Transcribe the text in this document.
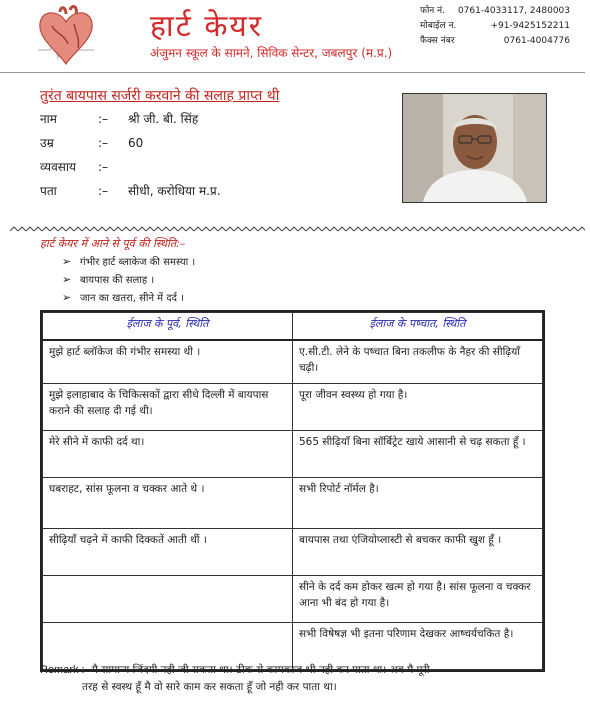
हार्ट केयर
अंजुमन स्कूल के सामने, सिविक सेन्टर, जबलपुर (म.प्र.)
फोन नं. 0761-4033117, 2480003
मोबाईल न.	+91-9425152211
फैक्स नंबर	0761-4004776
तुरंत बायपास सर्जरी करवाने की सलाह प्राप्त थी
नाम	:– श्री जी. बी. सिंह
उम्र	:– 60
व्यवसाय :–
पता	:– सीधी, करोधिया म.प्र.
हार्ट केयर में आने से पूर्व की स्थिति:–
➢ गंभीर हार्ट ब्लाकेज की समस्या ।
➢ बायपास की सलाह ।
➢ जान का खतरा, सीने में दर्द ।
ईलाज के पूर्व, स्थिति	ईलाज के पष्चात, स्थिति
मुझे हार्ट ब्लॉकेज की गंभीर समस्या थी ।	ए.सी.टी. लेने के पष्चात बिना तकलीफ के नैहर की सीढ़ियॉं चढ़ी।
मुझे इलाहाबाद के चिकित्सकों द्वारा सीधे दिल्ली में बायपास कराने की सलाह दी गई थी।	पूरा जीवन स्वस्थ्य हो गया है।
मेरे सीने में काफी दर्द था।	565 सीढ़ियॉं बिना सॉर्बिट्रेट खाये आसानी से चढ़ सकता हूँ ।
घबराहट, सांस फूलना व चक्कर आते थे ।	सभी रिपोर्ट नॉर्मल है।
सीढ़ियॉं चढ़ने में काफी दिक्कतें आती थीं ।	बायपास तथा एंजियोप्लास्टी से बचकर काफी खुश हूँ ।
	सीने के दर्द कम होकर खत्म हो गया है। सांस फूलना व चक्कर आना भी बंद हो गया है।
	सभी विषेषज्ञ भी इतना परिणाम देखकर आष्चर्यचकित है।
Remark :- मै सामान्य जिंदगी नही जी सकता था। ठीक से कामकाज भी नही कर पाता था। अब मै पूरी
तरह से स्वस्थ हूँ मै वो सारे काम कर सकता हूँ जो नही कर पाता था।
